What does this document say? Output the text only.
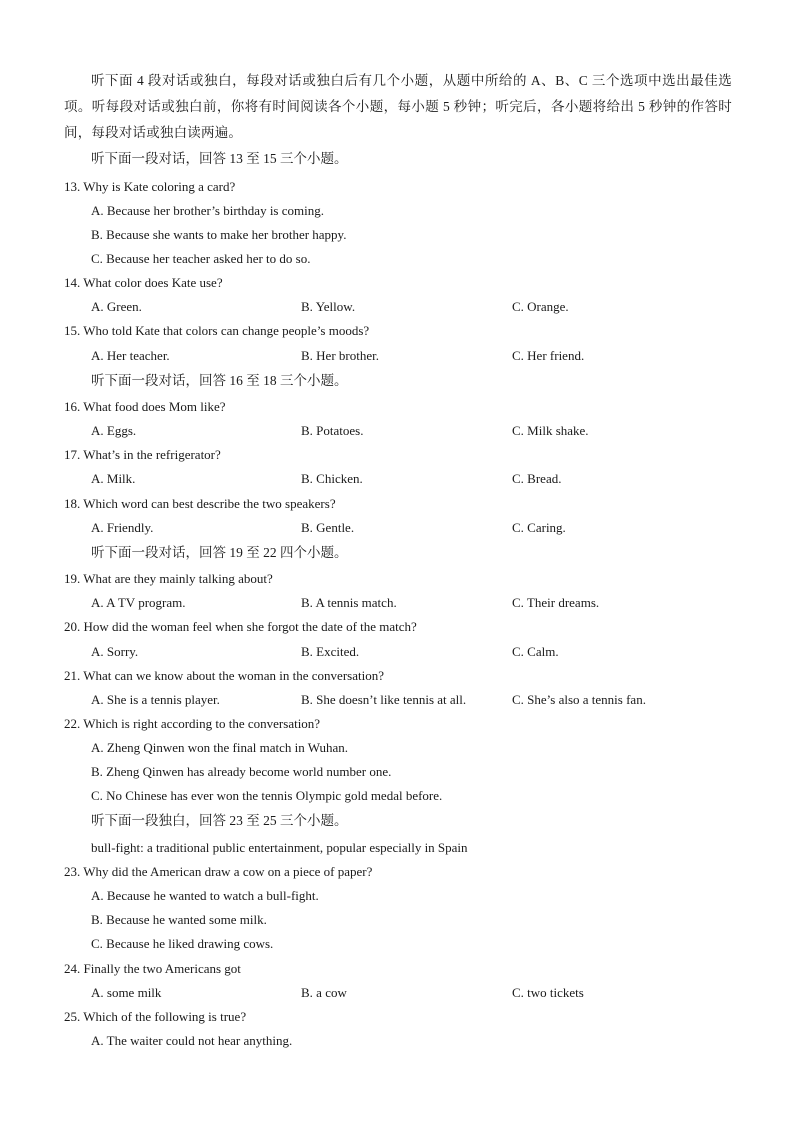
听下面 4 段对话或独白，每段对话或独白后有几个小题，从题中所给的 A、B、C 三个选项中选出最佳选项。听每段对话或独白前，你将有时间阅读各个小题，每小题 5 秒钟；听完后，各小题将给出 5 秒钟的作答时间，每段对话或独白读两遍。
听下面一段对话，回答 13 至 15 三个小题。
13. Why is Kate coloring a card?
A. Because her brother’s birthday is coming.
B. Because she wants to make her brother happy.
C. Because her teacher asked her to do so.
14. What color does Kate use?
A. Green.	B. Yellow.	C. Orange.
15. Who told Kate that colors can change people’s moods?
A. Her teacher.	B. Her brother.	C. Her friend.
听下面一段对话，回答 16 至 18 三个小题。
16. What food does Mom like?
A. Eggs.	B. Potatoes.	C. Milk shake.
17. What’s in the refrigerator?
A. Milk.	B. Chicken.	C. Bread.
18. Which word can best describe the two speakers?
A. Friendly.	B. Gentle.	C. Caring.
听下面一段对话，回答 19 至 22 四个小题。
19. What are they mainly talking about?
A. A TV program.	B. A tennis match.	C. Their dreams.
20. How did the woman feel when she forgot the date of the match?
A. Sorry.	B. Excited.	C. Calm.
21. What can we know about the woman in the conversation?
A. She is a tennis player.	B. She doesn’t like tennis at all.	C. She’s also a tennis fan.
22. Which is right according to the conversation?
A. Zheng Qinwen won the final match in Wuhan.
B. Zheng Qinwen has already become world number one.
C. No Chinese has ever won the tennis Olympic gold medal before.
听下面一段独白，回答 23 至 25 三个小题。
bull-fight: a traditional public entertainment, popular especially in Spain
23. Why did the American draw a cow on a piece of paper?
A. Because he wanted to watch a bull-fight.
B. Because he wanted some milk.
C. Because he liked drawing cows.
24. Finally the two Americans got
A. some milk	B. a cow	C. two tickets
25. Which of the following is true?
A. The waiter could not hear anything.
